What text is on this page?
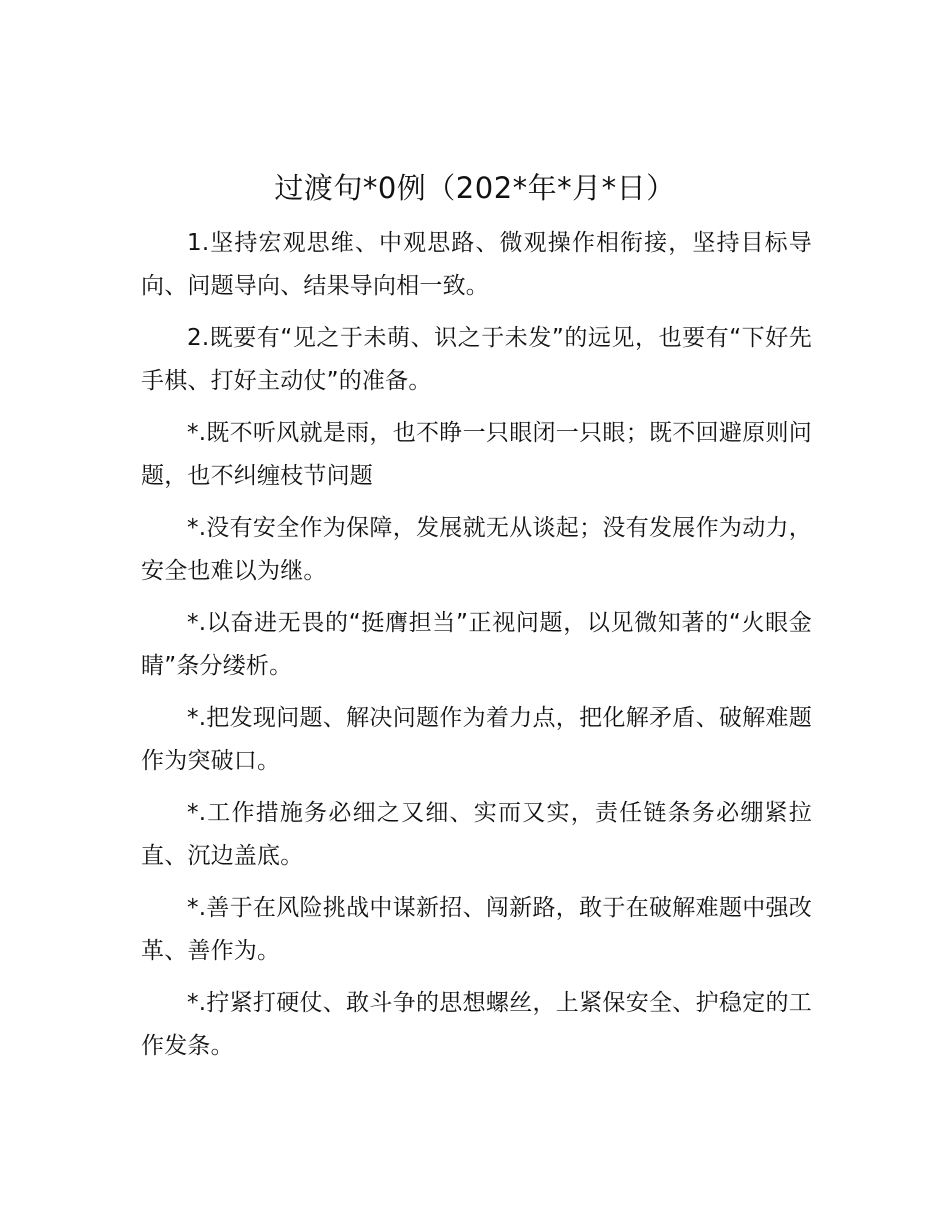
过渡句*0例（202*年*月*日）

1.坚持宏观思维、中观思路、微观操作相衔接，坚持目标导向、问题导向、结果导向相一致。

2.既要有“见之于未萌、识之于未发”的远见，也要有“下好先手棋、打好主动仗”的准备。

*.既不听风就是雨，也不睁一只眼闭一只眼；既不回避原则问题，也不纠缠枝节问题

*.没有安全作为保障，发展就无从谈起；没有发展作为动力，安全也难以为继。

*.以奋进无畏的“挺膺担当”正视问题，以见微知著的“火眼金睛”条分缕析。

*.把发现问题、解决问题作为着力点，把化解矛盾、破解难题作为突破口。

*.工作措施务必细之又细、实而又实，责任链条务必绷紧拉直、沉边盖底。

*.善于在风险挑战中谋新招、闯新路，敢于在破解难题中强改革、善作为。

*.拧紧打硬仗、敢斗争的思想螺丝，上紧保安全、护稳定的工作发条。
